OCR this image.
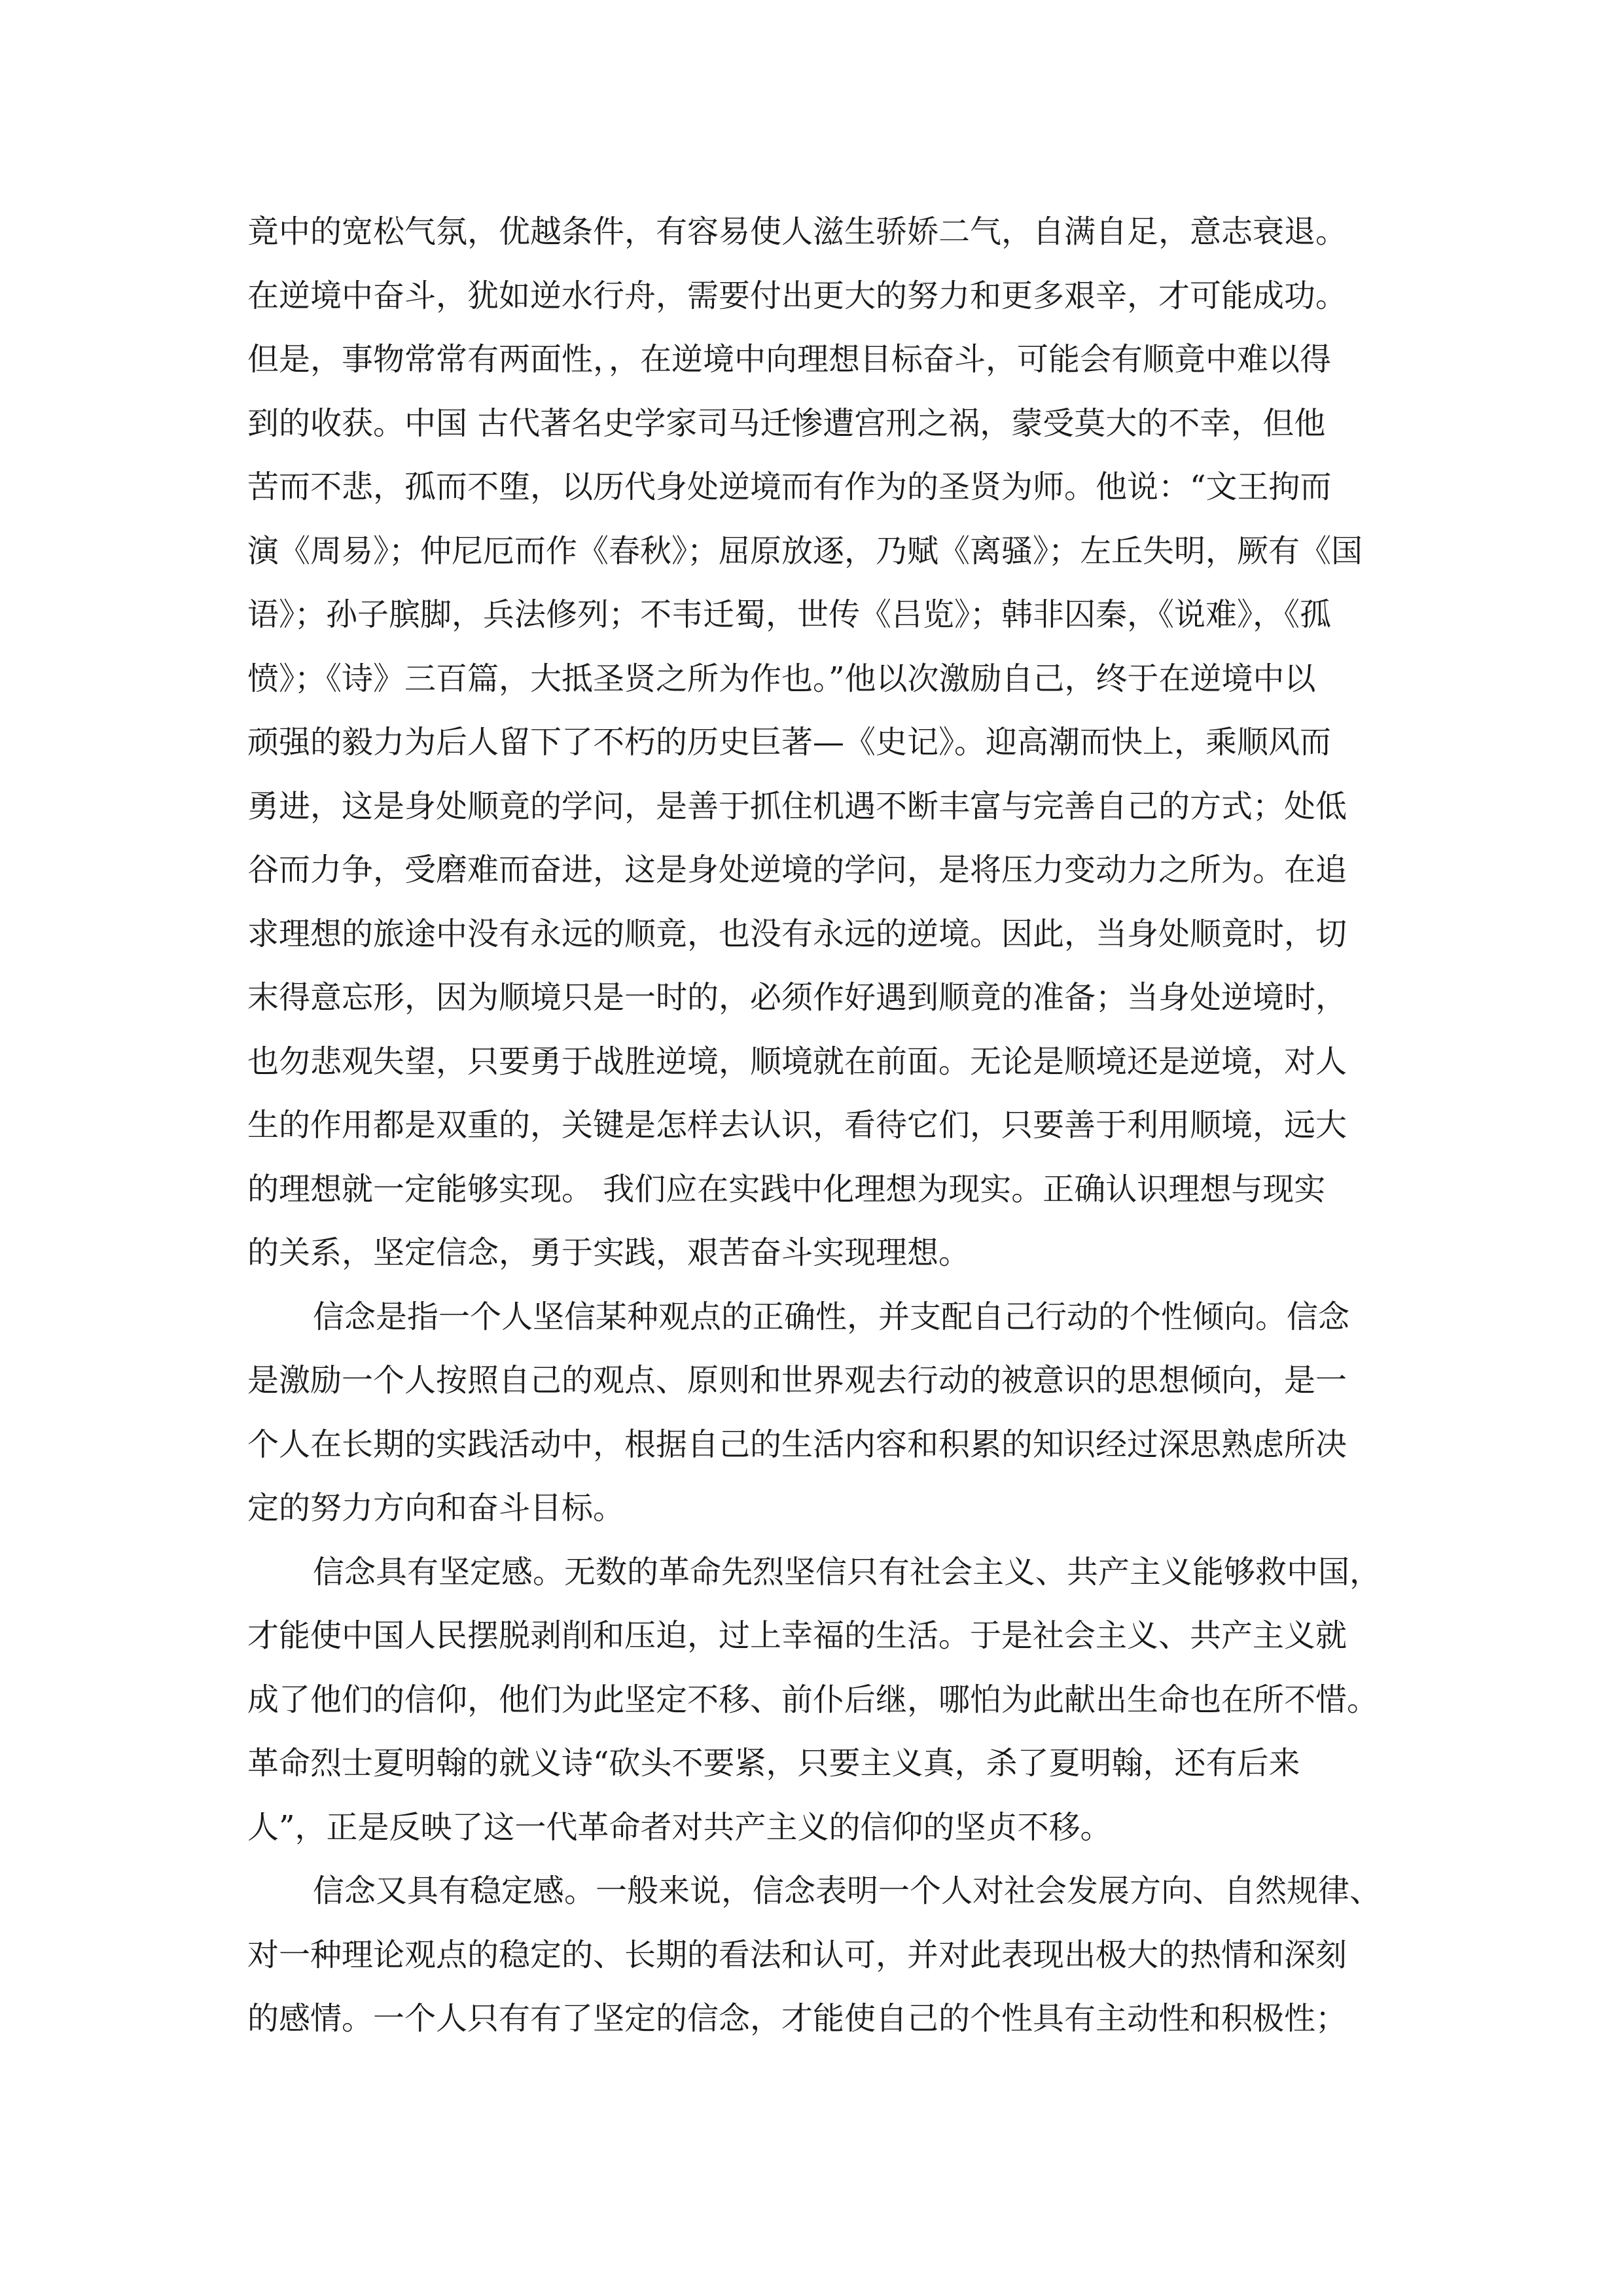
竟中的宽松气氛，优越条件，有容易使人滋生骄娇二气，自满自足，意志衰退。
在逆境中奋斗，犹如逆水行舟，需要付出更大的努力和更多艰辛，才可能成功。
但是，事物常常有两面性，，在逆境中向理想目标奋斗，可能会有顺竟中难以得
到的收获。中国 古代著名史学家司马迁惨遭宫刑之祸，蒙受莫大的不幸，但他
苦而不悲，孤而不堕，以历代身处逆境而有作为的圣贤为师。他说：“文王拘而
演《周易》；仲尼厄而作《春秋》；屈原放逐，乃赋《离骚》；左丘失明，厥有《国
语》；孙子膑脚，兵法修列；不韦迁蜀，世传《吕览》；韩非囚秦，《说难》，《孤
愤》；《诗》三百篇，大抵圣贤之所为作也。”他以次激励自己，终于在逆境中以
顽强的毅力为后人留下了不朽的历史巨著—《史记》。迎高潮而快上，乘顺风而
勇进，这是身处顺竟的学问，是善于抓住机遇不断丰富与完善自己的方式；处低
谷而力争，受磨难而奋进，这是身处逆境的学问，是将压力变动力之所为。在追
求理想的旅途中没有永远的顺竟，也没有永远的逆境。因此，当身处顺竟时，切
末得意忘形，因为顺境只是一时的，必须作好遇到顺竟的准备；当身处逆境时，
也勿悲观失望，只要勇于战胜逆境，顺境就在前面。无论是顺境还是逆境，对人
生的作用都是双重的，关键是怎样去认识，看待它们，只要善于利用顺境，远大
的理想就一定能够实现。 我们应在实践中化理想为现实。正确认识理想与现实
的关系，坚定信念，勇于实践，艰苦奋斗实现理想。
信念是指一个人坚信某种观点的正确性，并支配自己行动的个性倾向。信念
是激励一个人按照自己的观点、原则和世界观去行动的被意识的思想倾向，是一
个人在长期的实践活动中，根据自己的生活内容和积累的知识经过深思熟虑所决
定的努力方向和奋斗目标。
信念具有坚定感。无数的革命先烈坚信只有社会主义、共产主义能够救中国，
才能使中国人民摆脱剥削和压迫，过上幸福的生活。于是社会主义、共产主义就
成了他们的信仰，他们为此坚定不移、前仆后继，哪怕为此献出生命也在所不惜。
革命烈士夏明翰的就义诗“砍头不要紧，只要主义真，杀了夏明翰，还有后来
人”，正是反映了这一代革命者对共产主义的信仰的坚贞不移。
信念又具有稳定感。一般来说，信念表明一个人对社会发展方向、自然规律、
对一种理论观点的稳定的、长期的看法和认可，并对此表现出极大的热情和深刻
的感情。一个人只有有了坚定的信念，才能使自己的个性具有主动性和积极性；
